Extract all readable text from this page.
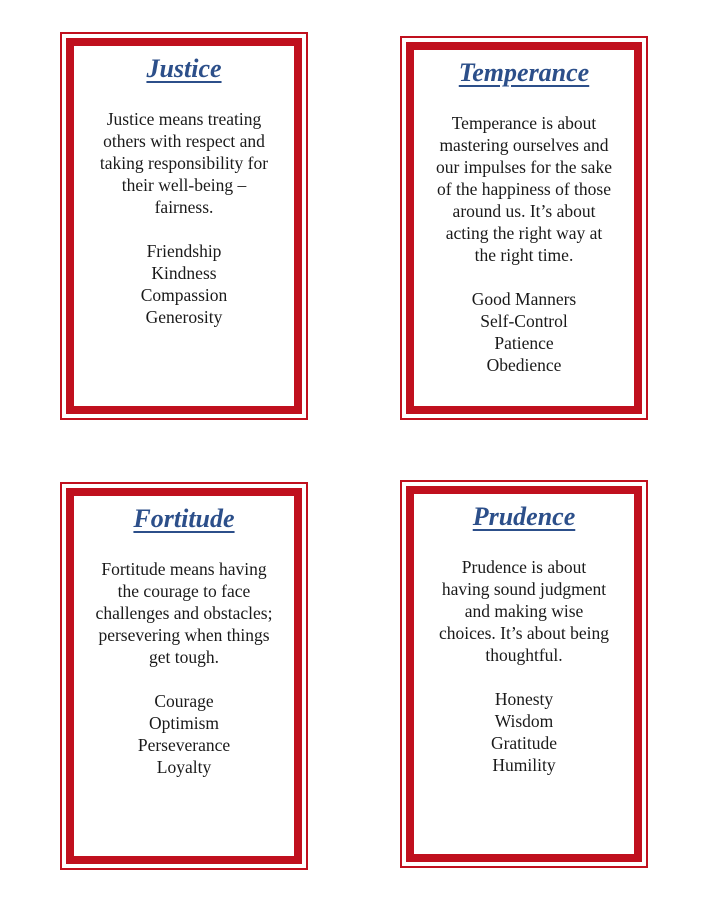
Justice
Justice means treating
others with respect and
taking responsibility for
their well-being –
fairness.
Friendship
Kindness
Compassion
Generosity
Temperance
Temperance is about
mastering ourselves and
our impulses for the sake
of the happiness of those
around us. It’s about
acting the right way at
the right time.
Good Manners
Self-Control
Patience
Obedience
Fortitude
Fortitude means having
the courage to face
challenges and obstacles;
persevering when things
get tough.
Courage
Optimism
Perseverance
Loyalty
Prudence
Prudence is about
having sound judgment
and making wise
choices. It’s about being
thoughtful.
Honesty
Wisdom
Gratitude
Humility
